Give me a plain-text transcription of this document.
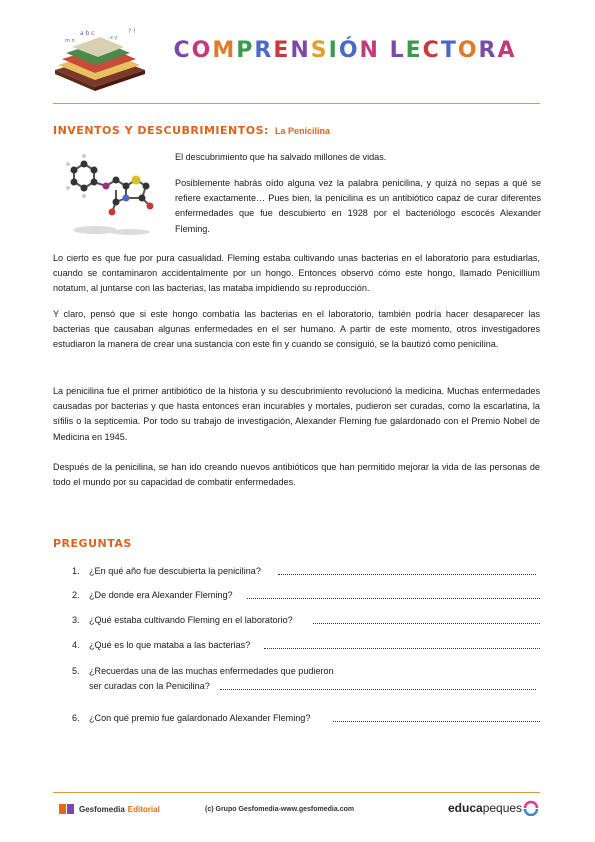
a b c
x y
m n
? !
COMPRENSIÓN LECTORA
INVENTOS Y DESCUBRIMIENTOS: La Penicilina

El descubrimiento que ha salvado millones de vidas.

Posiblemente habrás oído alguna vez la palabra penicilina, y quizá no sepas a qué se refiere exactamente… Pues bien, la penicilina es un antibiótico capaz de curar diferentes enfermedades que fue descubierto en 1928 por el bacteriólogo escocés Alexander Fleming.

Lo cierto es que fue por pura casualidad. Fleming estaba cultivando unas bacterias en el laboratorio para estudiarlas, cuando se contaminaron accidentalmente por un hongo. Entonces observó cómo este hongo, llamado Penicillium notatum, al juntarse con las bacterias, las mataba impidiendo su reproducción.

Y claro, pensó que si este hongo combatía las bacterias en el laboratorio, también podría hacer desaparecer las bacterias que causaban algunas enfermedades en el ser humano. A partir de este momento, otros investigadores estudiaron la manera de crear una sustancia con este fin y cuando se consiguió, se la bautizó como penicilina.

La penicilina fue el primer antibiótico de la historia y su descubrimiento revolucionó la medicina. Muchas enfermedades causadas por bacterias y que hasta entonces eran incurables y mortales, pudieron ser curadas, como la escarlatina, la sífilis o la septicemia. Por todo su trabajo de investigación, Alexander Fleming fue galardonado con el Premio Nobel de Medicina en 1945.

Después de la penicilina, se han ido creando nuevos antibióticos que han permitido mejorar la vida de las personas de todo el mundo por su capacidad de combatir enfermedades.

PREGUNTAS
1. ¿En qué año fue descubierta la penicilina?
2. ¿De donde era Alexander Fleming?
3. ¿Qué estaba cultivando Fleming en el laboratorio?
4. ¿Qué es lo que mataba a las bacterias?
5. ¿Recuerdas una de las muchas enfermedades que pudieron
ser curadas con la Penicilina?
6. ¿Con qué premio fue galardonado Alexander Fleming?
Gesfomedia Editorial	(c) Grupo Gesfomedia-www.gesfomedia.com	educa peques
